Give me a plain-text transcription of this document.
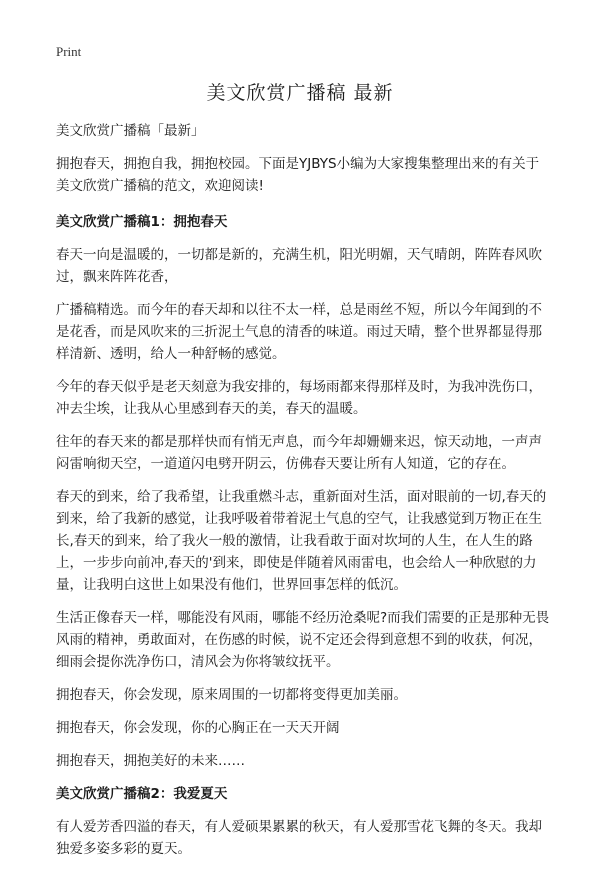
Print
美文欣赏广播稿 最新

美文欣赏广播稿「最新」

拥抱春天，拥抱自我，拥抱校园。下面是YJBYS小编为大家搜集整理出来的有关于美文欣赏广播稿的范文，欢迎阅读!

美文欣赏广播稿1：拥抱春天

春天一向是温暖的，一切都是新的，充满生机，阳光明媚，天气晴朗，阵阵春风吹过，飘来阵阵花香，

广播稿精选。而今年的春天却和以往不太一样，总是雨丝不短，所以今年闻到的不是花香，而是风吹来的三折泥土气息的清香的味道。雨过天晴，整个世界都显得那样清新、透明，给人一种舒畅的感觉。

今年的春天似乎是老天刻意为我安排的，每场雨都来得那样及时，为我冲洗伤口，冲去尘埃，让我从心里感到春天的美，春天的温暖。

往年的春天来的都是那样快而有悄无声息，而今年却姗姗来迟，惊天动地，一声声闷雷响彻天空，一道道闪电劈开阴云，仿佛春天要让所有人知道，它的存在。

春天的到来，给了我希望，让我重燃斗志，重新面对生活，面对眼前的一切,春天的到来，给了我新的感觉，让我呼吸着带着泥土气息的空气，让我感觉到万物正在生长,春天的到来，给了我火一般的激情，让我看敢于面对坎坷的人生，在人生的路上，一步步向前冲,春天的'到来，即使是伴随着风雨雷电，也会给人一种欣慰的力量，让我明白这世上如果没有他们，世界回事怎样的低沉。

生活正像春天一样，哪能没有风雨，哪能不经历沧桑呢?而我们需要的正是那种无畏风雨的精神，勇敢面对，在伤感的时候，说不定还会得到意想不到的收获，何况，细雨会提你洗净伤口，清风会为你将皱纹抚平。

拥抱春天，你会发现，原来周围的一切都将变得更加美丽。

拥抱春天，你会发现，你的心胸正在一天天开阔

拥抱春天，拥抱美好的未来……

美文欣赏广播稿2：我爱夏天

有人爱芳香四溢的春天，有人爱硕果累累的秋天，有人爱那雪花飞舞的冬天。我却独爱多姿多彩的夏天。
